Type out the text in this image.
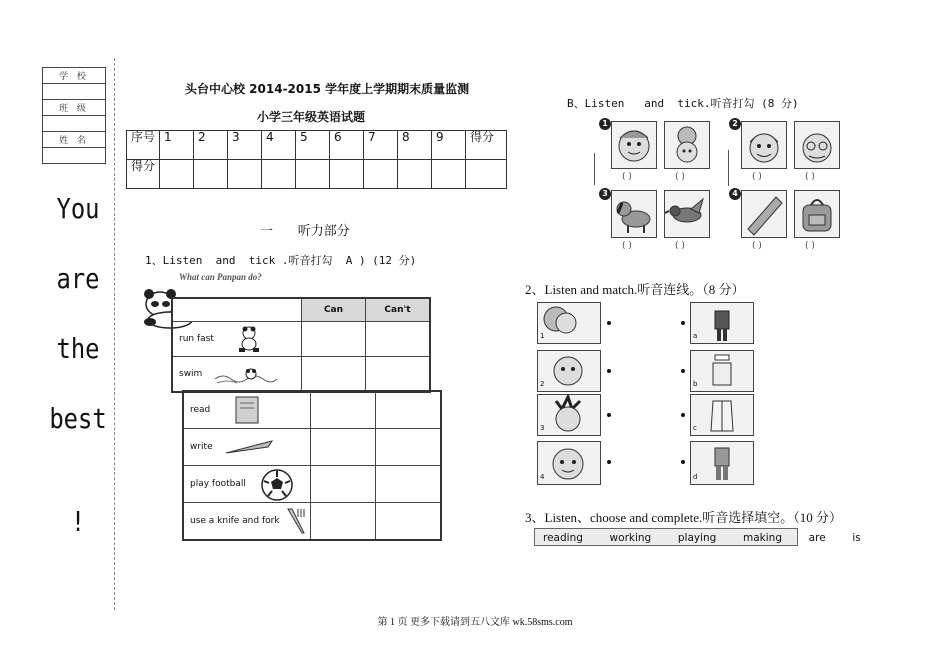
学 校

班 级

姓 名

You
are
the
best
!
头台中心校 2014-2015 学年度上学期期末质量监测
小学三年级英语试题
序号	1	2	3	4	5	6	7	8	9	得分
得分										
一      听力部分
1、Listen  and  tick .听音打勾  A ) (12 分)
What can Panpan do?
	Can	Can't
run fast

swim

read

write

play football

use a knife and fork

B、Listen   and  tick.听音打勾 (8 分)
1
( )	( )
2
( )	( )
3
( )	( )
4
( )	( )
2、Listen and match.听音连线。（8 分）
1
2
3
4
a
b
c
d
3、Listen、choose and complete.听音选择填空。（10 分）
reading  working  playing  making  are  is
第 1 页 更多下载请到五八文库 wk.58sms.com
